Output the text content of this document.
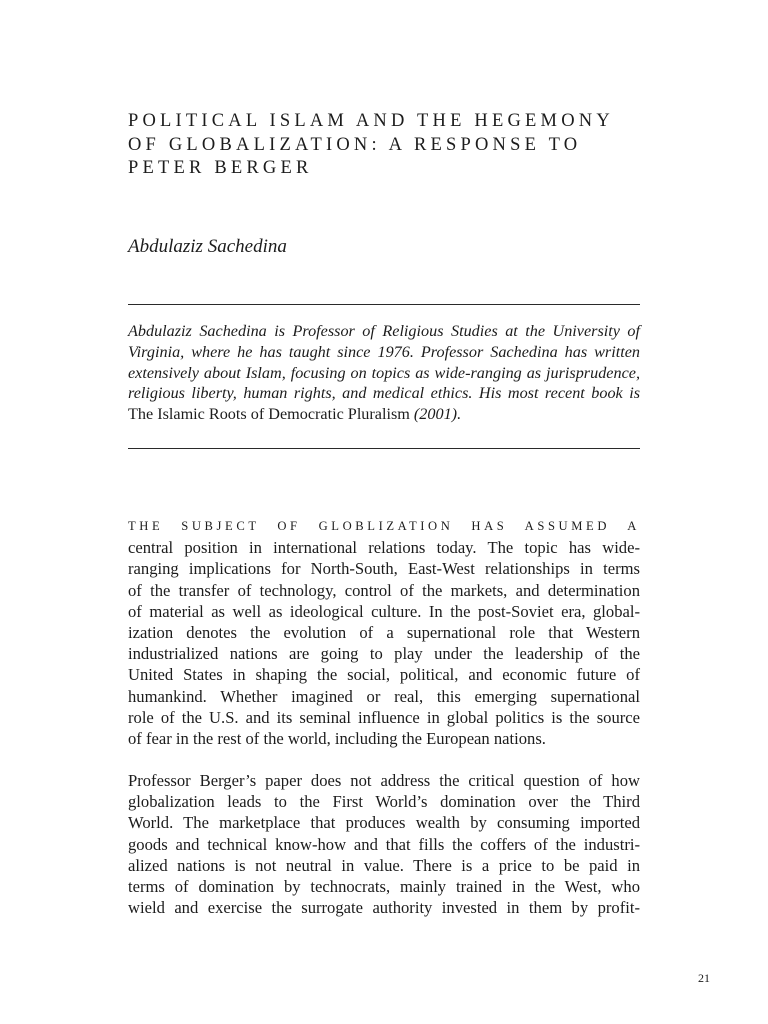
POLITICAL ISLAM AND THE HEGEMONY
OF GLOBALIZATION: A RESPONSE TO
PETER BERGER

Abdulaziz Sachedina

Abdulaziz Sachedina is Professor of Religious Studies at the University of
Virginia, where he has taught since 1976. Professor Sachedina has written
extensively about Islam, focusing on topics as wide-ranging as jurisprudence,
religious liberty, human rights, and medical ethics. His most recent book is
The Islamic Roots of Democratic Pluralism (2001).

THE SUBJECT OF GLOBLIZATION HAS ASSUMED A
central position in international relations today. The topic has wide-
ranging implications for North-South, East-West relationships in terms
of the transfer of technology, control of the markets, and determination
of material as well as ideological culture. In the post-Soviet era, global-
ization denotes the evolution of a supernational role that Western
industrialized nations are going to play under the leadership of the
United States in shaping the social, political, and economic future of
humankind. Whether imagined or real, this emerging supernational
role of the U.S. and its seminal influence in global politics is the source
of fear in the rest of the world, including the European nations.
Professor Berger’s paper does not address the critical question of how
globalization leads to the First World’s domination over the Third
World. The marketplace that produces wealth by consuming imported
goods and technical know-how and that fills the coffers of the industri-
alized nations is not neutral in value. There is a price to be paid in
terms of domination by technocrats, mainly trained in the West, who
wield and exercise the surrogate authority invested in them by profit-

21
